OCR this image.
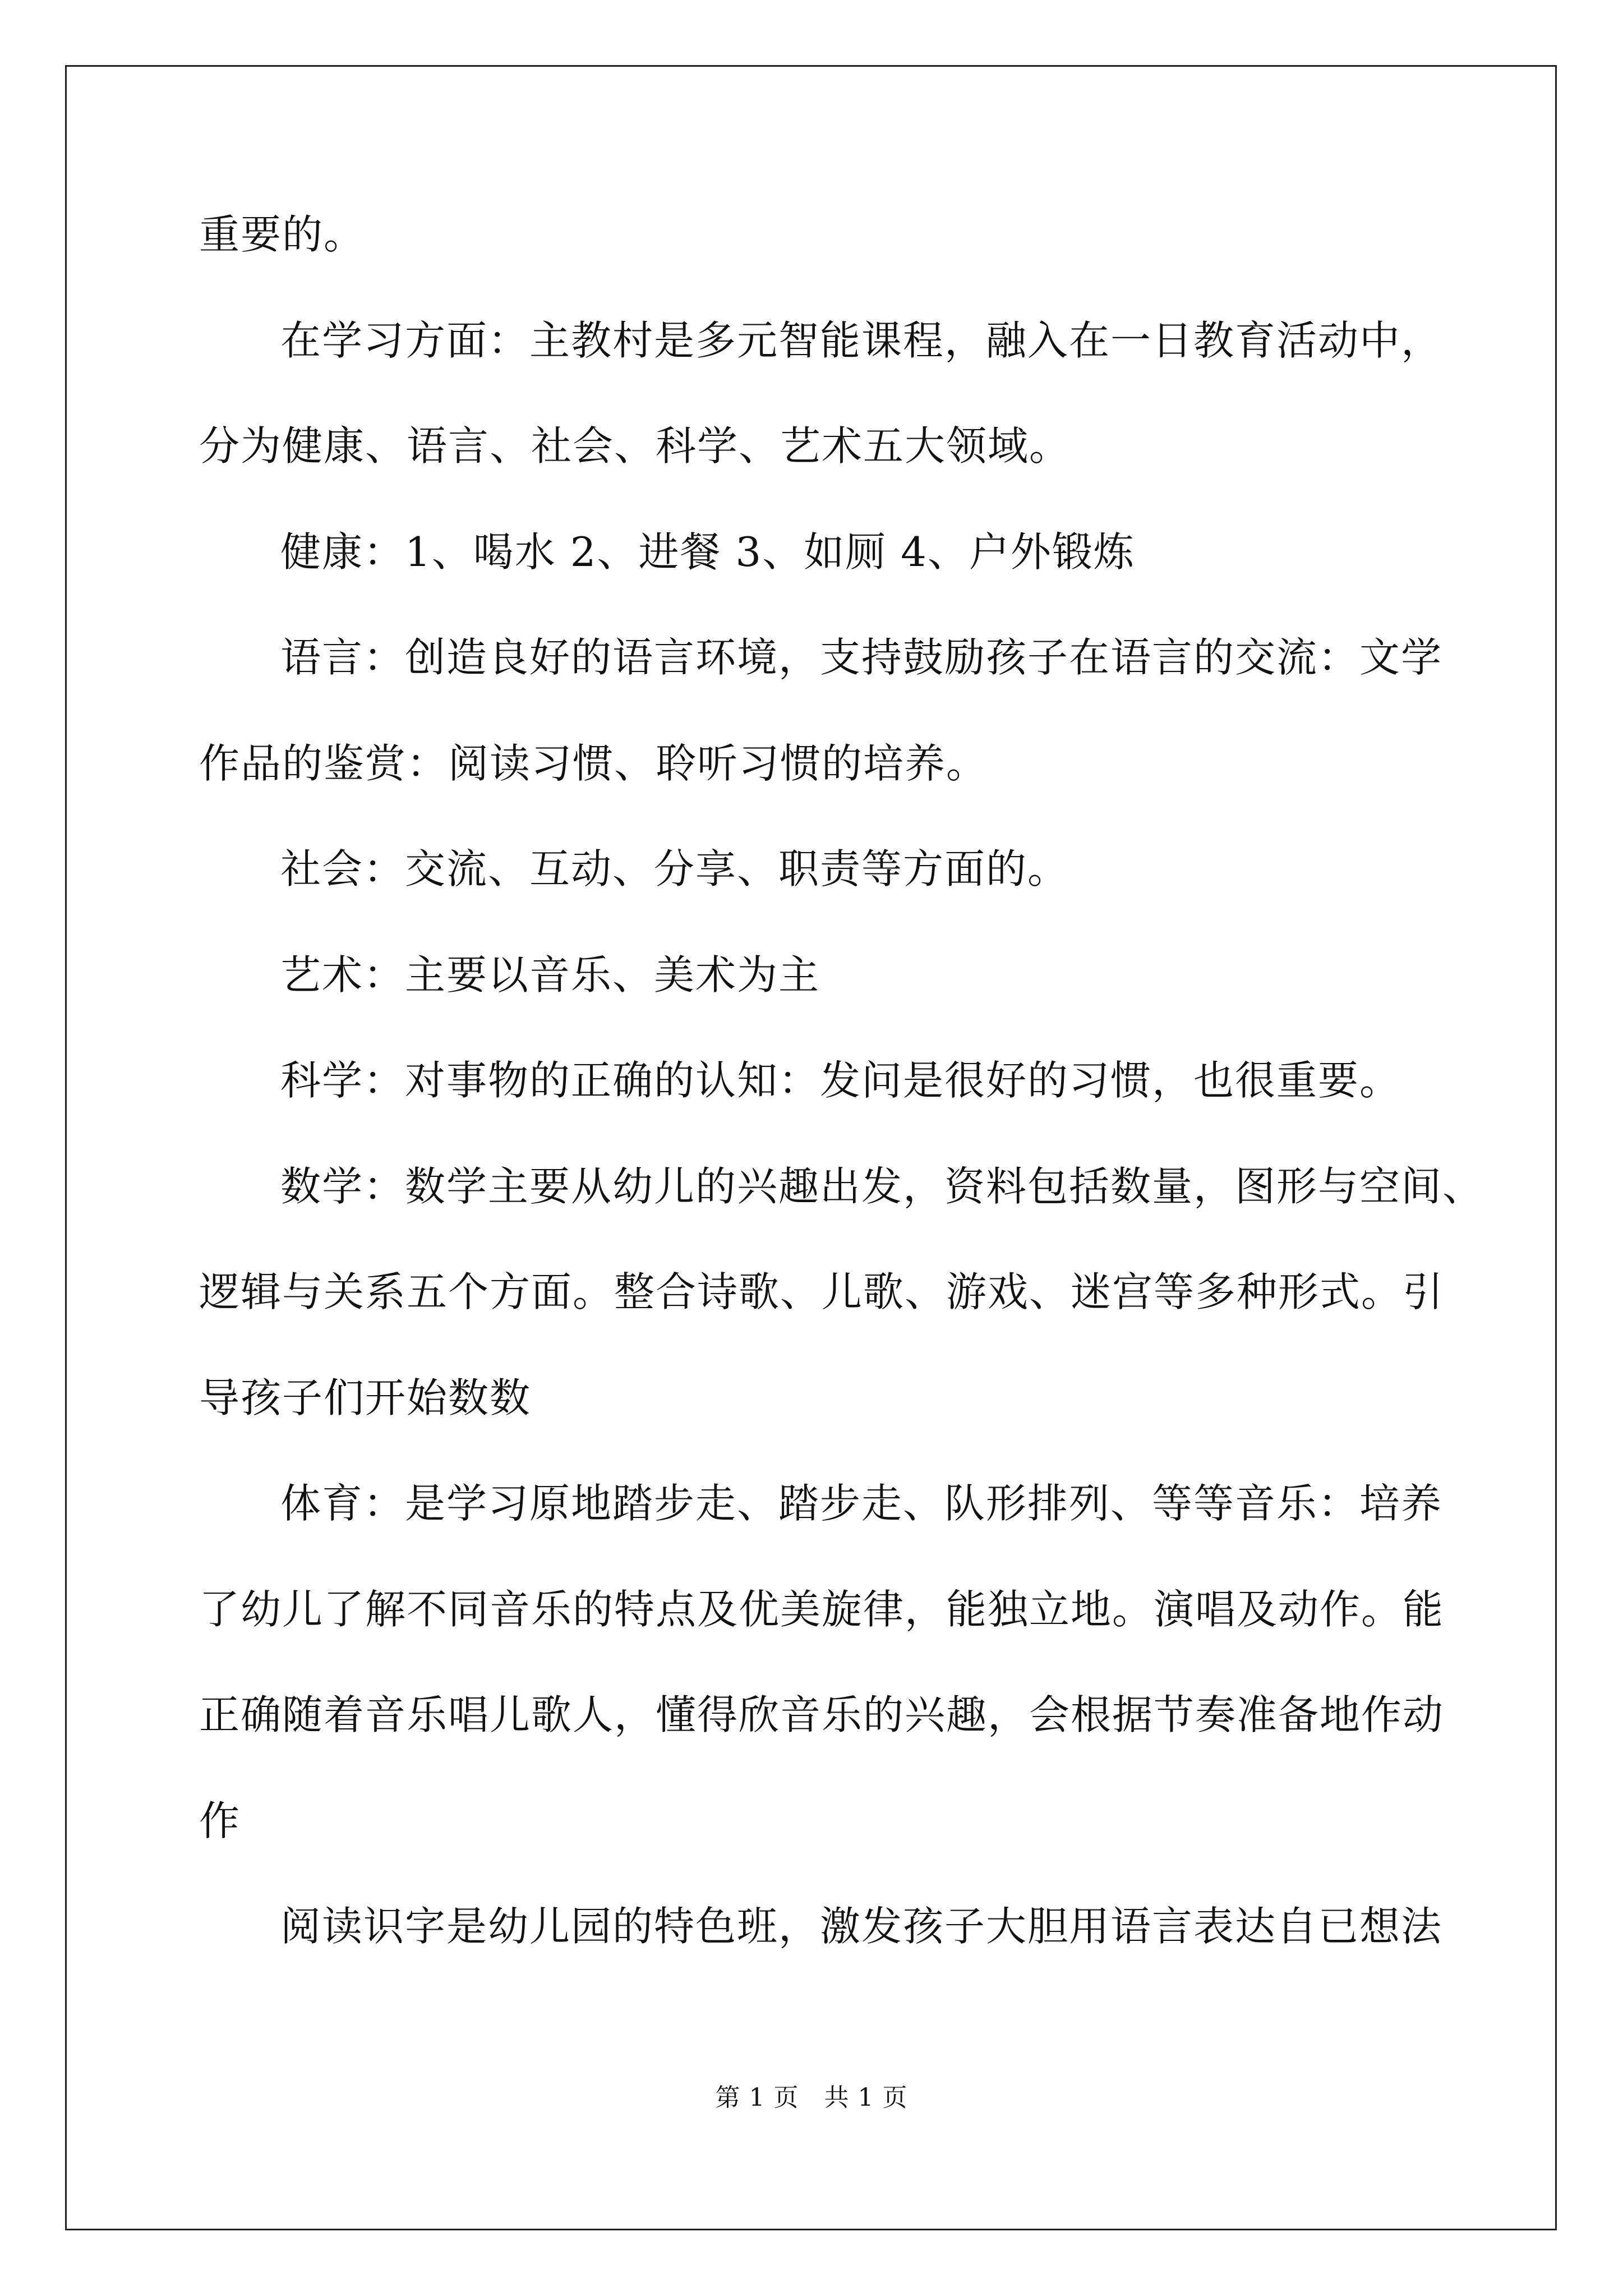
重要的。
在学习方面：主教村是多元智能课程，融入在一日教育活动中，
分为健康、语言、社会、科学、艺术五大领域。
健康：1、喝水 2、进餐 3、如厕 4、户外锻炼
语言：创造良好的语言环境，支持鼓励孩子在语言的交流：文学
作品的鉴赏：阅读习惯、聆听习惯的培养。
社会：交流、互动、分享、职责等方面的。
艺术：主要以音乐、美术为主
科学：对事物的正确的认知：发问是很好的习惯，也很重要。
数学：数学主要从幼儿的兴趣出发，资料包括数量，图形与空间、
逻辑与关系五个方面。整合诗歌、儿歌、游戏、迷宫等多种形式。引
导孩子们开始数数
体育：是学习原地踏步走、踏步走、队形排列、等等音乐：培养
了幼儿了解不同音乐的特点及优美旋律，能独立地。演唱及动作。能
正确随着音乐唱儿歌人，懂得欣音乐的兴趣，会根据节奏准备地作动
作
阅读识字是幼儿园的特色班，激发孩子大胆用语言表达自已想法
第 1 页 共 1 页
